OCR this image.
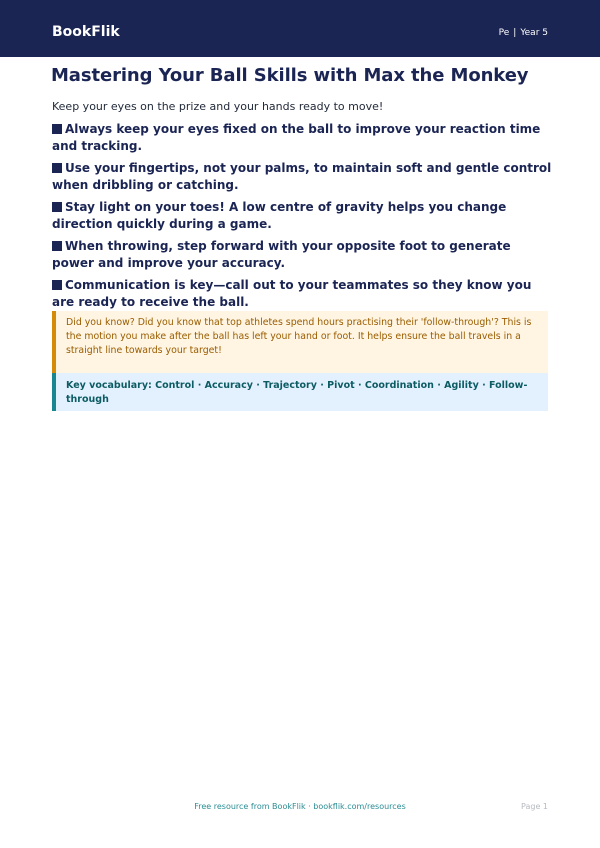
BookFlik	Pe | Year 5
Mastering Your Ball Skills with Max the Monkey
Keep your eyes on the prize and your hands ready to move!
Always keep your eyes fixed on the ball to improve your reaction time and tracking.
Use your fingertips, not your palms, to maintain soft and gentle control when dribbling or catching.
Stay light on your toes! A low centre of gravity helps you change direction quickly during a game.
When throwing, step forward with your opposite foot to generate power and improve your accuracy.
Communication is key—call out to your teammates so they know you are ready to receive the ball.
Did you know? Did you know that top athletes spend hours practising their 'follow-through'? This is the motion you make after the ball has left your hand or foot. It helps ensure the ball travels in a straight line towards your target!
Key vocabulary: Control · Accuracy · Trajectory · Pivot · Coordination · Agility · Follow-through
Free resource from BookFlik · bookflik.com/resources	Page 1
